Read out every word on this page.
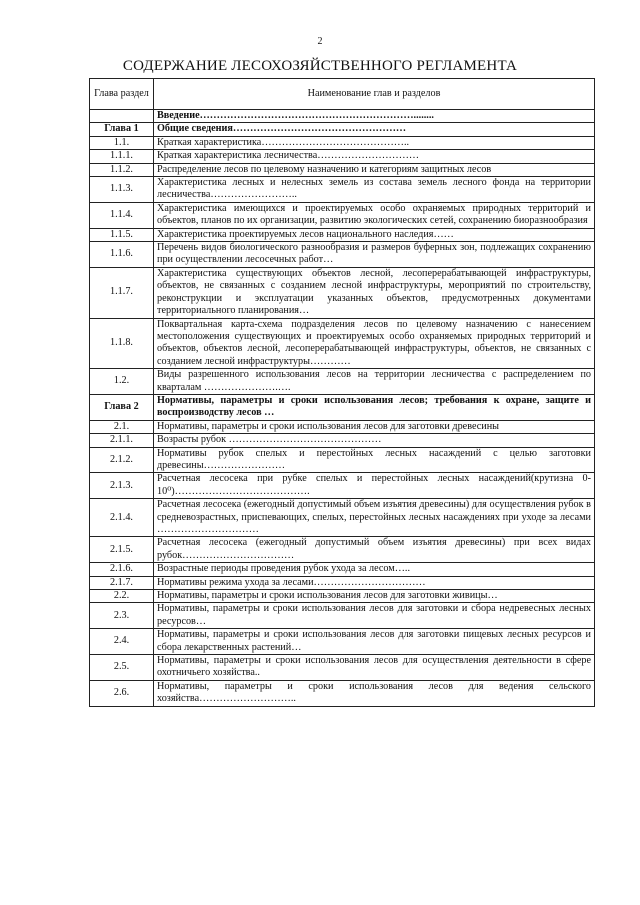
2
СОДЕРЖАНИЕ ЛЕСОХОЗЯЙСТВЕННОГО РЕГЛАМЕНТА
Глава раздел	Наименование глав и разделов
	Введение………………………………………………………........
Глава 1	Общие сведения……………………………………………
1.1.	Краткая характеристика……………………………………..
1.1.1.	Краткая характеристика лесничества…………………………
1.1.2.	Распределение лесов по целевому назначению и категориям защитных лесов
1.1.3.	Характеристика лесных и нелесных земель из состава земель лесного фонда на территории лесничества……………………..
1.1.4.	Характеристика имеющихся и проектируемых особо охраняемых природных территорий и объектов, планов по их организации, развитию экологических сетей, сохранению биоразнообразия
1.1.5.	Характеристика проектируемых лесов национального наследия……
1.1.6.	Перечень видов биологического разнообразия и размеров буферных зон, подлежащих сохранению при осуществлении лесосечных работ…
1.1.7.	Характеристика существующих объектов лесной, лесоперерабатывающей инфраструктуры, объектов, не связанных с созданием лесной инфраструктуры, мероприятий по строительству, реконструкции и эксплуатации указанных объектов, предусмотренных документами территориального планирования…
1.1.8.	Поквартальная карта-схема подразделения лесов по целевому назначению с нанесением местоположения существующих и проектируемых особо охраняемых природных территорий и объектов, объектов лесной, лесоперерабатывающей инфраструктуры, объектов, не связанных с созданием лесной инфраструктуры…………
1.2.	Виды разрешенного использования лесов на территории лесничества с распределением по кварталам ………………….….
Глава 2	Нормативы, параметры и сроки использования лесов; требования к охране, защите и воспроизводству лесов …
2.1.	Нормативы, параметры и сроки использования лесов для заготовки древесины
2.1.1.	Возрасты рубок ………………………………………
2.1.2.	Нормативы рубок спелых и перестойных лесных насаждений с целью заготовки древесины……………………
2.1.3.	Расчетная лесосека при рубке спелых и перестойных лесных насаждений(крутизна 0-10⁰)………………………………….
2.1.4.	Расчетная лесосека (ежегодный допустимый объем изъятия древесины) для осуществления рубок в средневозрастных, приспевающих, спелых, перестойных лесных насаждениях при уходе за лесами …………………………
2.1.5.	Расчетная лесосека (ежегодный допустимый объем изъятия древесины) при всех видах рубок……………………………
2.1.6.	Возрастные периоды проведения рубок ухода за лесом…..
2.1.7.	Нормативы режима ухода за лесами……………………………
2.2.	Нормативы, параметры и сроки использования лесов для заготовки живицы…
2.3.	Нормативы, параметры и сроки использования лесов для заготовки и сбора недревесных лесных ресурсов…
2.4.	Нормативы, параметры и сроки использования лесов для заготовки пищевых лесных ресурсов и сбора лекарственных растений…
2.5.	Нормативы, параметры и сроки использования лесов для осуществления деятельности в сфере охотничьего хозяйства..
2.6.	Нормативы, параметры и сроки использования лесов для ведения сельского хозяйства………………………..
